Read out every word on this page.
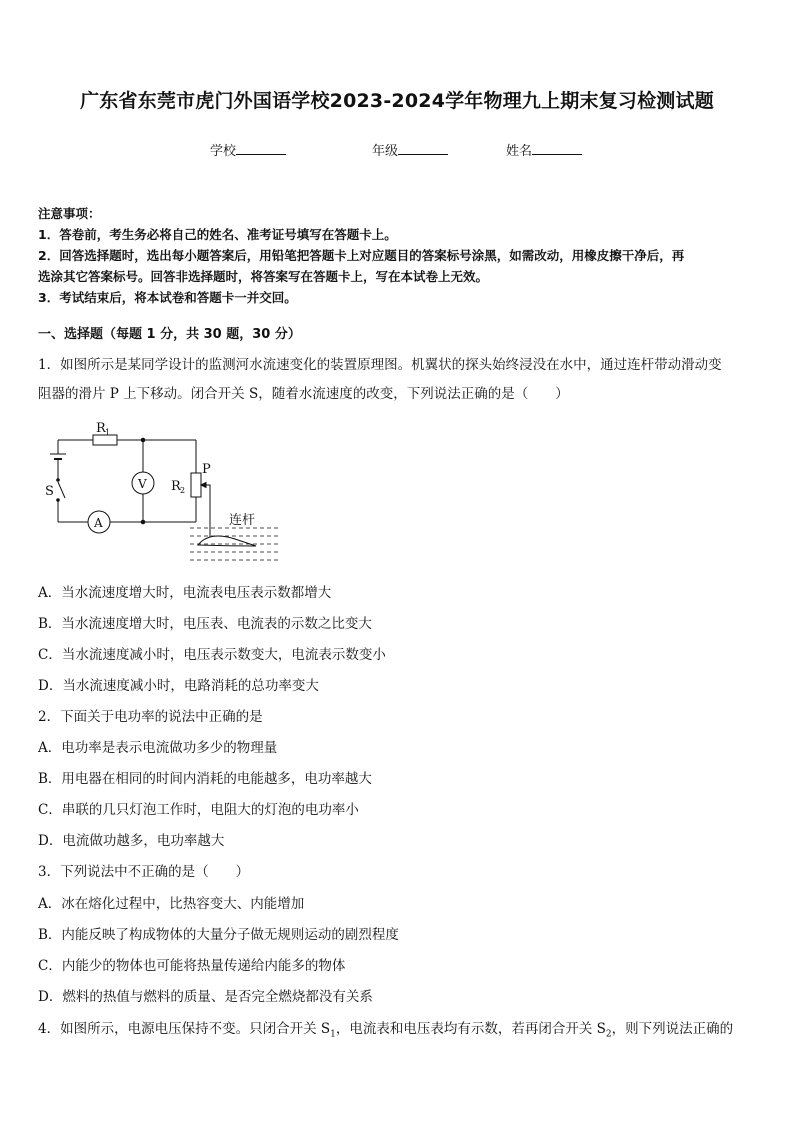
广东省东莞市虎门外国语学校2023-2024学年物理九上期末复习检测试题
学校	年级	姓名

注意事项：

1．答卷前，考生务必将自己的姓名、准考证号填写在答题卡上。

2．回答选择题时，选出每小题答案后，用铅笔把答题卡上对应题目的答案标号涂黑，如需改动，用橡皮擦干净后，再

选涂其它答案标号。回答非选择题时，将答案写在答题卡上，写在本试卷上无效。

3．考试结束后，将本试卷和答题卡一并交回。

一、选择题（每题 1 分，共 30 题，30 分）
1．如图所示是某同学设计的监测河水流速变化的装置原理图。机翼状的探头始终浸没在水中，通过连杆带动滑动变
阻器的滑片 P 上下移动。闭合开关 S，随着水流速度的改变，下列说法正确的是（　　）
R 1
R 2
P
S	V
A	连杆
A．当水流速度增大时，电流表电压表示数都增大
B．当水流速度增大时，电压表、电流表的示数之比变大
C．当水流速度减小时，电压表示数变大，电流表示数变小
D．当水流速度减小时，电路消耗的总功率变大
2．下面关于电功率的说法中正确的是
A．电功率是表示电流做功多少的物理量
B．用电器在相同的时间内消耗的电能越多，电功率越大
C．串联的几只灯泡工作时，电阻大的灯泡的电功率小
D．电流做功越多，电功率越大
3．下列说法中不正确的是（　　）
A．冰在熔化过程中，比热容变大、内能增加
B．内能反映了构成物体的大量分子做无规则运动的剧烈程度
C．内能少的物体也可能将热量传递给内能多的物体
D．燃料的热值与燃料的质量、是否完全燃烧都没有关系
4．如图所示，电源电压保持不变。只闭合开关 $S_1$，电流表和电压表均有示数，若再闭合开关 $S_2$，则下列说法正确的
